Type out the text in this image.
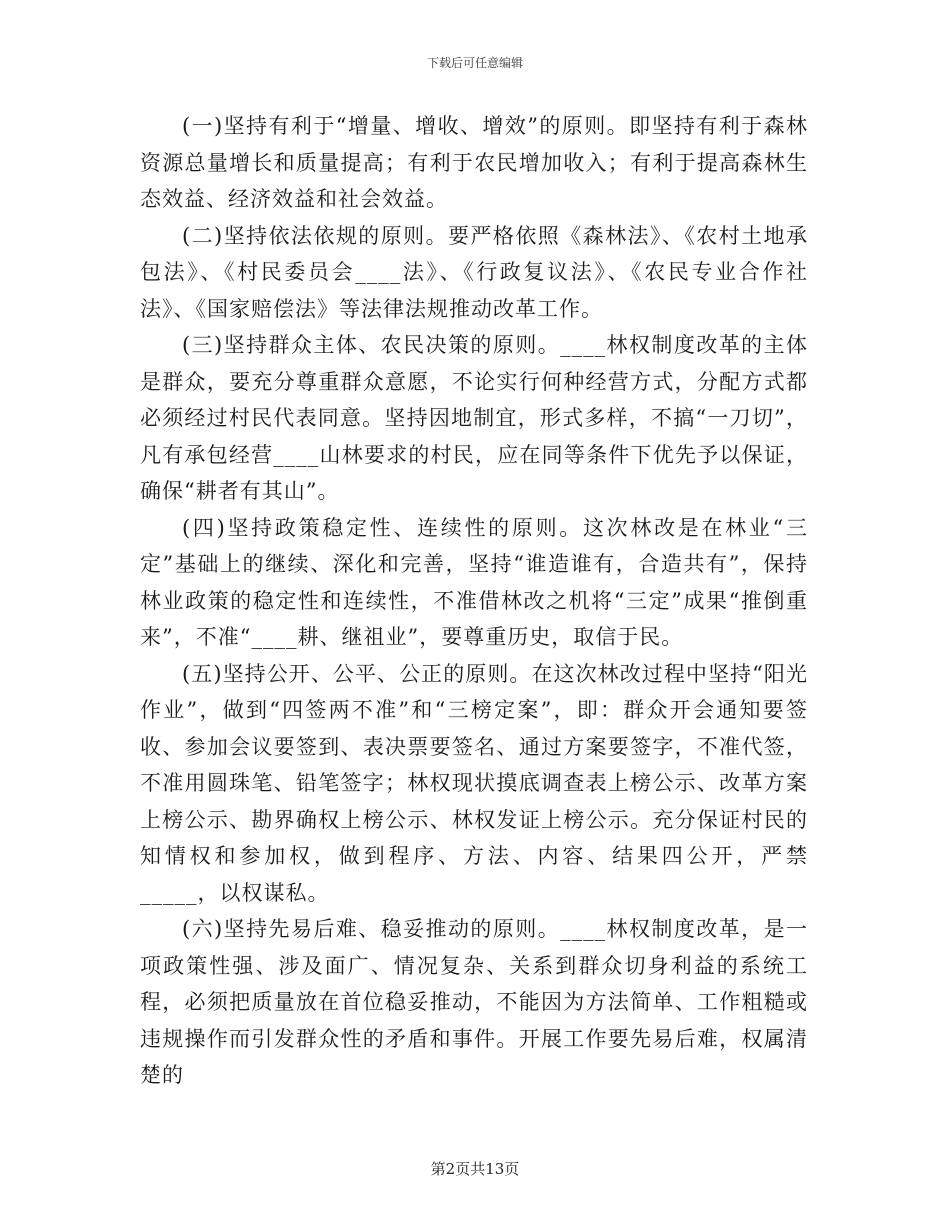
下载后可任意编辑

(一)坚持有利于“增量、增收、增效”的原则。即坚持有利于森林资源总量增长和质量提高；有利于农民增加收入；有利于提高森林生态效益、经济效益和社会效益。

(二)坚持依法依规的原则。要严格依照《森林法》、《农村土地承包法》、《村民委员会____法》、《行政复议法》、《农民专业合作社法》、《国家赔偿法》等法律法规推动改革工作。

(三)坚持群众主体、农民决策的原则。____林权制度改革的主体是群众，要充分尊重群众意愿，不论实行何种经营方式，分配方式都必须经过村民代表同意。坚持因地制宜，形式多样，不搞“一刀切”，凡有承包经营____山林要求的村民，应在同等条件下优先予以保证，确保“耕者有其山”。

(四)坚持政策稳定性、连续性的原则。这次林改是在林业“三定”基础上的继续、深化和完善，坚持“谁造谁有，合造共有”，保持林业政策的稳定性和连续性，不准借林改之机将“三定”成果“推倒重来”，不准“____耕、继祖业”，要尊重历史，取信于民。

(五)坚持公开、公平、公正的原则。在这次林改过程中坚持“阳光作业”，做到“四签两不准”和“三榜定案”，即：群众开会通知要签收、参加会议要签到、表决票要签名、通过方案要签字，不准代签，不准用圆珠笔、铅笔签字；林权现状摸底调查表上榜公示、改革方案上榜公示、勘界确权上榜公示、林权发证上榜公示。充分保证村民的知情权和参加权，做到程序、方法、内容、结果四公开，严禁_____，以权谋私。

(六)坚持先易后难、稳妥推动的原则。____林权制度改革，是一项政策性强、涉及面广、情况复杂、关系到群众切身利益的系统工程，必须把质量放在首位稳妥推动，不能因为方法简单、工作粗糙或违规操作而引发群众性的矛盾和事件。开展工作要先易后难，权属清楚的

第2页共13页
